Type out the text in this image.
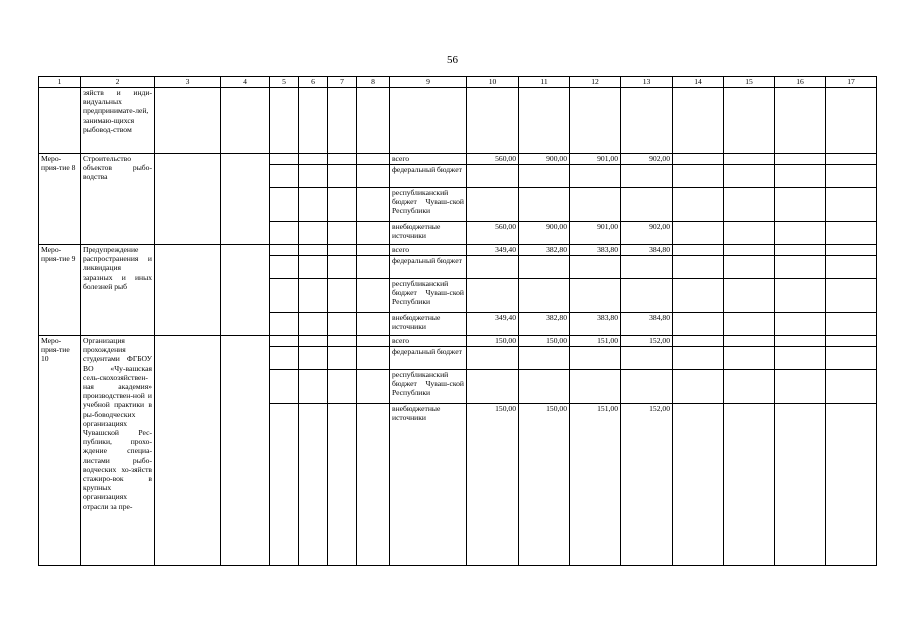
56
1	2	3	4	5	6	7	8	9	10	11	12	13	14	15	16	17
	зяйств и инди-видуальных предпринимате-лей, занимаю-щихся рыбовод-ством															
Меро-прия-тие 8	Строительство объектов рыбо-водства							всего	560,00	900,00	901,00	902,00				
								федеральный бюджет								
								республиканский бюджет Чуваш-ской Республики								
								внебюджетные источники	560,00	900,00	901,00	902,00				
Меро-прия-тие 9	Предупреждение распространения и ликвидация заразных и иных болезней рыб							всего	349,40	382,80	383,80	384,80				
								федеральный бюджет								
								республиканский бюджет Чуваш-ской Республики								
								внебюджетные источники	349,40	382,80	383,80	384,80				
Меро-прия-тие 10	Организация прохождения студентами ФГБОУ ВО «Чу-вашская сель-скохозяйствен-ная академия» производствен-ной и учебной практики в ры-боводческих организациях Чувашской Рес-публики, прохо-ждение специа-листами рыбо-водческих хо-зяйств стажиро-вок в крупных организациях отрасли за пре-							всего	150,00	150,00	151,00	152,00				
								федеральный бюджет								
								республиканский бюджет Чуваш-ской Республики								
								внебюджетные источники	150,00	150,00	151,00	152,00				
